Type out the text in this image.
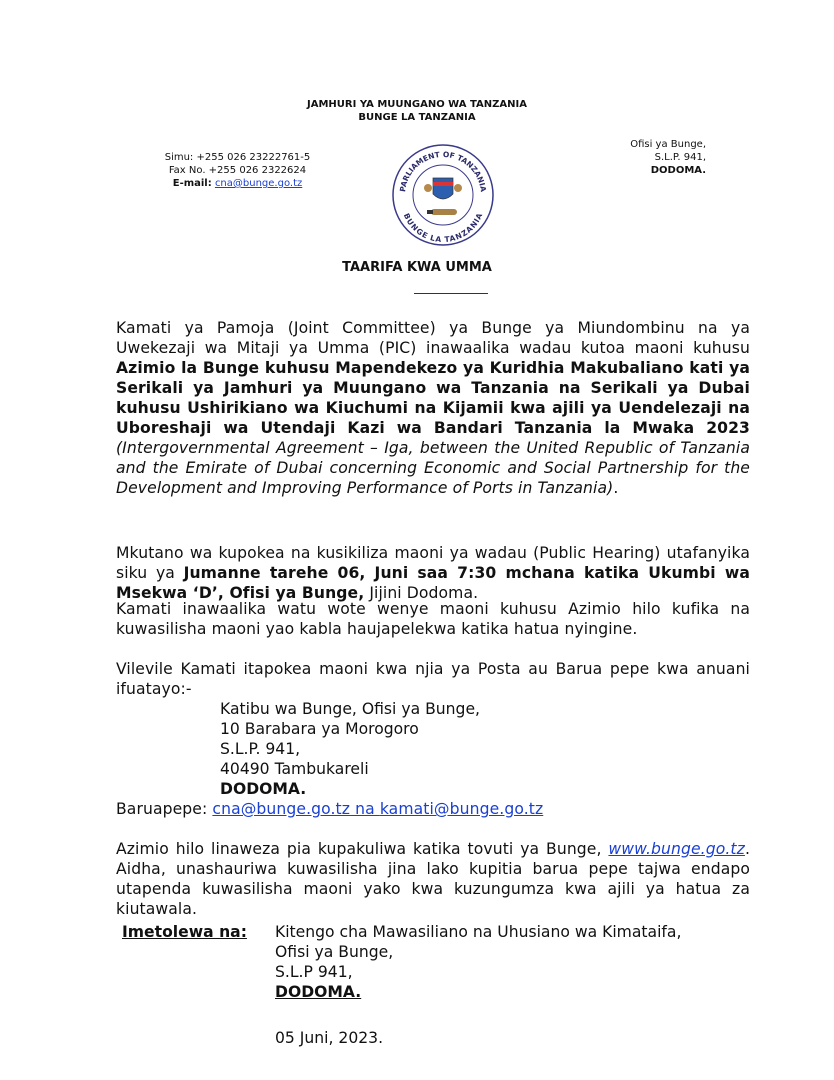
JAMHURI YA MUUNGANO WA TANZANIA
BUNGE LA TANZANIA
Simu: +255 026 23222761-5
Fax No. +255 026 2322624
E-mail: cna@bunge.go.tz
Ofisi ya Bunge,
S.L.P. 941,
DODOMA.
PARLIAMENT OF TANZANIA
BUNGE LA TANZANIA
TAARIFA KWA UMMA
Kamati ya Pamoja (Joint Committee) ya Bunge ya Miundombinu na ya Uwekezaji wa Mitaji ya Umma (PIC) inawaalika wadau kutoa maoni kuhusu Azimio la Bunge kuhusu Mapendekezo ya Kuridhia Makubaliano kati ya Serikali ya Jamhuri ya Muungano wa Tanzania na Serikali ya Dubai kuhusu Ushirikiano wa Kiuchumi na Kijamii kwa ajili ya Uendelezaji na Uboreshaji wa Utendaji Kazi wa Bandari Tanzania la Mwaka 2023 (Intergovernmental Agreement – Iga, between the United Republic of Tanzania and the Emirate of Dubai concerning Economic and Social Partnership for the Development and Improving Performance of Ports in Tanzania).
Mkutano wa kupokea na kusikiliza maoni ya wadau (Public Hearing) utafanyika siku ya Jumanne tarehe 06, Juni saa 7:30 mchana katika Ukumbi wa Msekwa ‘D’, Ofisi ya Bunge, Jijini Dodoma.
Kamati inawaalika watu wote wenye maoni kuhusu Azimio hilo kufika na kuwasilisha maoni yao kabla haujapelekwa katika hatua nyingine.
Vilevile Kamati itapokea maoni kwa njia ya Posta au Barua pepe kwa anuani ifuatayo:-
Katibu wa Bunge, Ofisi ya Bunge,
10 Barabara ya Morogoro
S.L.P. 941,
40490 Tambukareli
DODOMA.
Baruapepe: cna@bunge.go.tz na kamati@bunge.go.tz
Azimio hilo linaweza pia kupakuliwa katika tovuti ya Bunge, www.bunge.go.tz. Aidha, unashauriwa kuwasilisha jina lako kupitia barua pepe tajwa endapo utapenda kuwasilisha maoni yako kwa kuzungumza kwa ajili ya hatua za kiutawala.
Imetolewa na: Kitengo cha Mawasiliano na Uhusiano wa Kimataifa,
Ofisi ya Bunge,
S.L.P 941,
DODOMA.
05 Juni, 2023.
